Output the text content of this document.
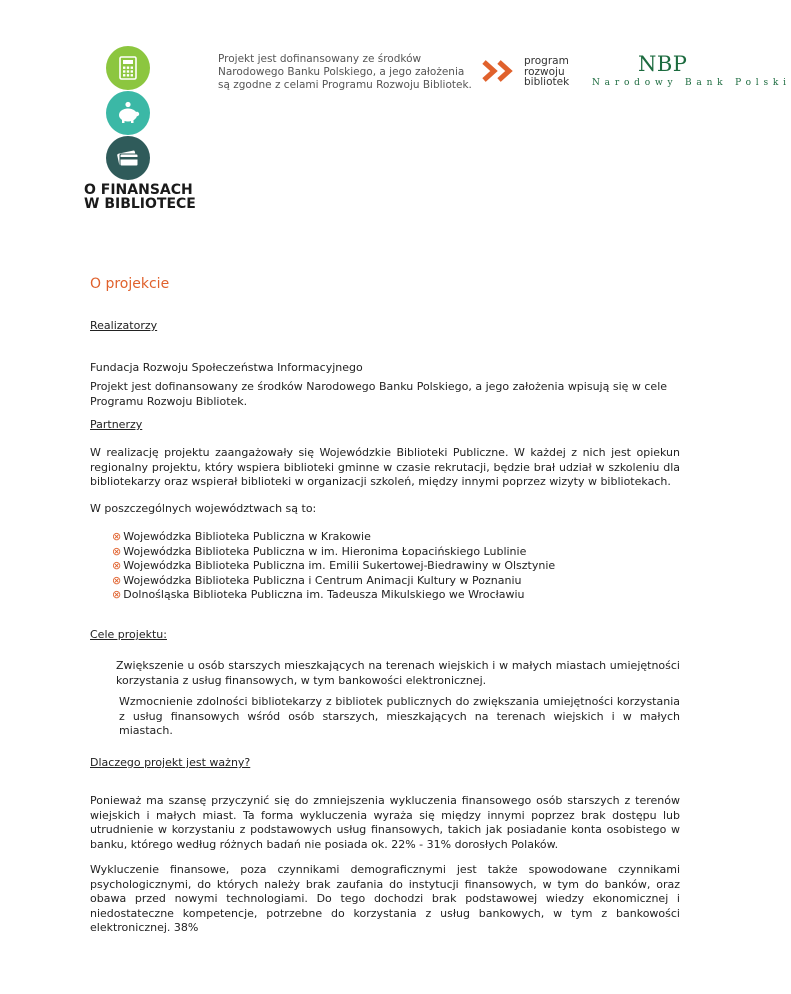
O FINANSACH
W BIBLIOTECE
Projekt jest dofinansowany ze środków
Narodowego Banku Polskiego, a jego założenia
są zgodne z celami Programu Rozwoju Bibliotek.
program
rozwoju
bibliotek
NBP
Narodowy Bank Polski
O projekcie
Realizatorzy
Fundacja Rozwoju Społeczeństwa Informacyjnego
Projekt jest dofinansowany ze środków Narodowego Banku Polskiego, a jego założenia wpisują się w cele Programu Rozwoju Bibliotek.
Partnerzy
W realizację projektu zaangażowały się Wojewódzkie Biblioteki Publiczne. W każdej z nich jest opiekun regionalny projektu, który wspiera biblioteki gminne w czasie rekrutacji, będzie brał udział w szkoleniu dla bibliotekarzy oraz wspierał biblioteki w organizacji szkoleń, między innymi poprzez wizyty w bibliotekach.
W poszczególnych województwach są to:
⊗ Wojewódzka Biblioteka Publiczna w Krakowie
⊗ Wojewódzka Biblioteka Publiczna w im. Hieronima Łopacińskiego Lublinie
⊗ Wojewódzka Biblioteka Publiczna im. Emilii Sukertowej-Biedrawiny w Olsztynie
⊗ Wojewódzka Biblioteka Publiczna i Centrum Animacji Kultury w Poznaniu
⊗ Dolnośląska Biblioteka Publiczna im. Tadeusza Mikulskiego we Wrocławiu
Cele projektu:
Zwiększenie u osób starszych mieszkających na terenach wiejskich i w małych miastach umiejętności korzystania z usług finansowych, w tym bankowości elektronicznej.
Wzmocnienie zdolności bibliotekarzy z bibliotek publicznych do zwiększania umiejętności korzystania z usług finansowych wśród osób starszych, mieszkających na terenach wiejskich i w małych miastach.
Dlaczego projekt jest ważny?
Ponieważ ma szansę przyczynić się do zmniejszenia wykluczenia finansowego osób starszych z terenów wiejskich i małych miast. Ta forma wykluczenia wyraża się między innymi poprzez brak dostępu lub utrudnienie w korzystaniu z podstawowych usług finansowych, takich jak posiadanie konta osobistego w banku, którego według różnych badań nie posiada ok. 22% - 31% dorosłych Polaków.
Wykluczenie finansowe, poza czynnikami demograficznymi jest także spowodowane czynnikami psychologicznymi, do których należy brak zaufania do instytucji finansowych, w tym do banków, oraz obawa przed nowymi technologiami. Do tego dochodzi brak podstawowej wiedzy ekonomicznej i niedostateczne kompetencje, potrzebne do korzystania z usług bankowych, w tym z bankowości elektronicznej. 38%
